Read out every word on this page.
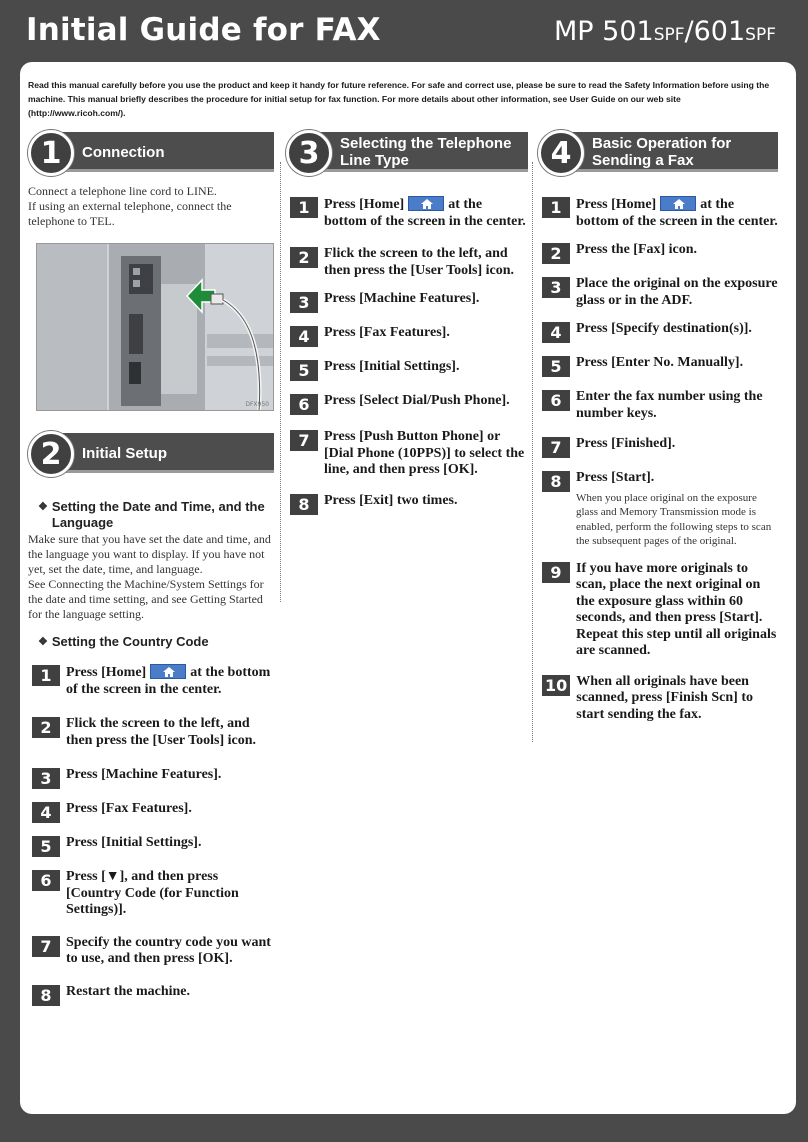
Initial Guide for FAX	MP 501SPF/601SPF
Read this manual carefully before you use the product and keep it handy for future reference. For safe and correct use, please be sure to read the Safety Information before using the machine. This manual briefly describes the procedure for initial setup for fax function. For more details about other information, see User Guide on our web site (http://www.ricoh.com/).
Connection
1
Connect a telephone line cord to LINE.
If using an external telephone, connect the telephone to TEL.
DFX950
Initial Setup
2
❖ Setting the Date and Time, and the Language
Make sure that you have set the date and time, and the language you want to display. If you have not yet, set the date, time, and language.
See Connecting the Machine/System Settings for the date and time setting, and see Getting Started for the language setting.
❖ Setting the Country Code
1	Press [Home]	at the bottom of the screen in the center.
2	Flick the screen to the left, and then press the [User Tools] icon.
3	Press [Machine Features].
4	Press [Fax Features].
5	Press [Initial Settings].
6	Press [▼], and then press [Country Code (for Function Settings)].
7	Specify the country code you want to use, and then press [OK].
8	Restart the machine.
Selecting the Telephone Line Type
3
1	Press [Home]	at the bottom of the screen in the center.
2	Flick the screen to the left, and then press the [User Tools] icon.
3	Press [Machine Features].
4	Press [Fax Features].
5	Press [Initial Settings].
6	Press [Select Dial/Push Phone].
7	Press [Push Button Phone] or [Dial Phone (10PPS)] to select the line, and then press [OK].
8	Press [Exit] two times.
Basic Operation for Sending a Fax
4
1	Press [Home]	at the bottom of the screen in the center.
2	Press the [Fax] icon.
3	Place the original on the exposure glass or in the ADF.
4	Press [Specify destination(s)].
5	Press [Enter No. Manually].
6	Enter the fax number using the number keys.
7	Press [Finished].
8	Press [Start].
When you place original on the exposure glass and Memory Transmission mode is enabled, perform the following steps to scan the subsequent pages of the original.
9	If you have more originals to scan, place the next original on the exposure glass within 60 seconds, and then press [Start]. Repeat this step until all originals are scanned.
10 When all originals have been scanned, press [Finish Scn] to start sending the fax.
